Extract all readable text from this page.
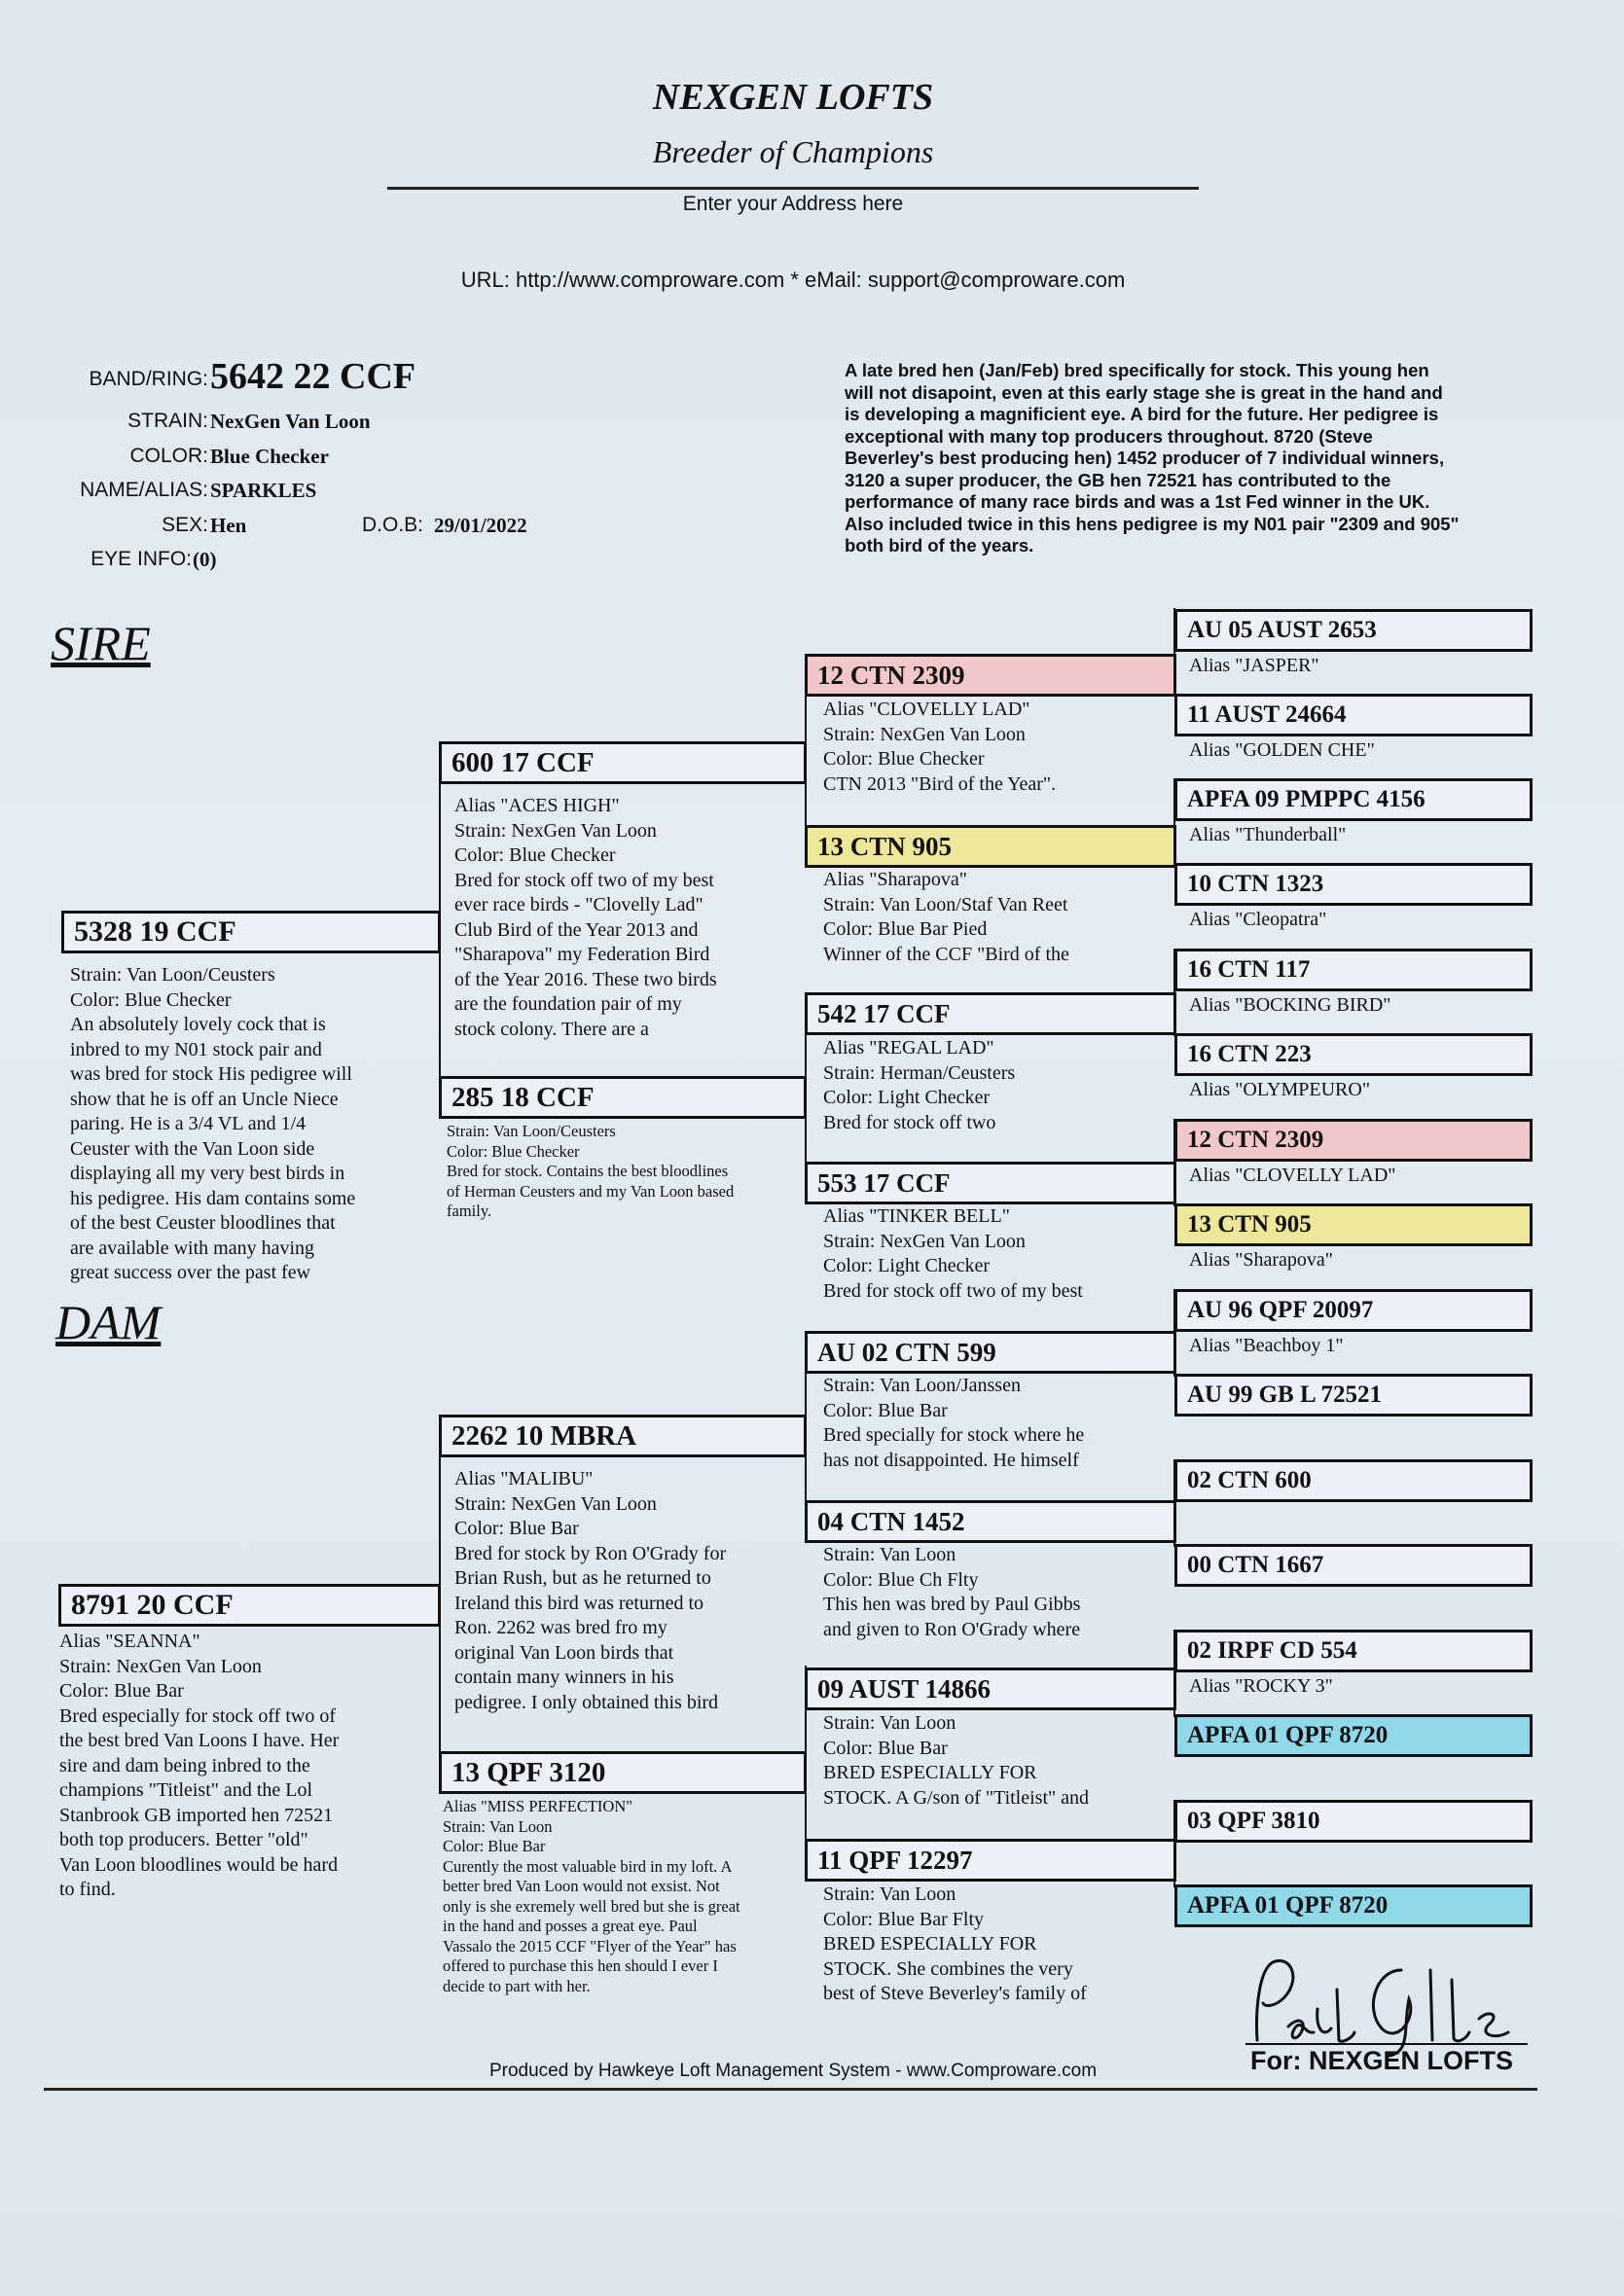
NEXGEN LOFTS
Breeder of Champions
Enter your Address here
URL: http://www.comproware.com * eMail: support@comproware.com
BAND/RING: 5642 22 CCF
STRAIN: NexGen Van Loon
COLOR: Blue Checker
NAME/ALIAS: SPARKLES
SEX: Hen	D.O.B: 29/01/2022
EYE INFO: (0)
A late bred hen (Jan/Feb) bred specifically for stock. This young hen
will not disapoint, even at this early stage she is great in the hand and
is developing a magnificient eye. A bird for the future. Her pedigree is
exceptional with many top producers throughout. 8720 (Steve
Beverley's best producing hen) 1452 producer of 7 individual winners,
3120 a super producer, the GB hen 72521 has contributed to the
performance of many race birds and was a 1st Fed winner in the UK.
Also included twice in this hens pedigree is my N01 pair "2309 and 905"
both bird of the years.
SIRE
DAM
5328 19 CCF
Strain: Van Loon/Ceusters
Color: Blue Checker
An absolutely lovely cock that is
inbred to my N01 stock pair and
was bred for stock His pedigree will
show that he is off an Uncle Niece
paring. He is a 3/4 VL and 1/4
Ceuster with the Van Loon side
displaying all my very best birds in
his pedigree. His dam contains some
of the best Ceuster bloodlines that
are available with many having
great success over the past few
8791 20 CCF
Alias "SEANNA"
Strain: NexGen Van Loon
Color: Blue Bar
Bred especially for stock off two of
the best bred Van Loons I have. Her
sire and dam being inbred to the
champions "Titleist" and the Lol
Stanbrook GB imported hen 72521
both top producers. Better "old"
Van Loon bloodlines would be hard
to find.
600 17 CCF
Alias "ACES HIGH"
Strain: NexGen Van Loon
Color: Blue Checker
Bred for stock off two of my best
ever race birds - "Clovelly Lad"
Club Bird of the Year 2013 and
"Sharapova" my Federation Bird
of the Year 2016. These two birds
are the foundation pair of my
stock colony. There are a
285 18 CCF
Strain: Van Loon/Ceusters
Color: Blue Checker
Bred for stock. Contains the best bloodlines
of Herman Ceusters and my Van Loon based
family.
2262 10 MBRA
Alias "MALIBU"
Strain: NexGen Van Loon
Color: Blue Bar
Bred for stock by Ron O'Grady for
Brian Rush, but as he returned to
Ireland this bird was returned to
Ron. 2262 was bred fro my
original Van Loon birds that
contain many winners in his
pedigree. I only obtained this bird
13 QPF 3120
Alias "MISS PERFECTION"
Strain: Van Loon
Color: Blue Bar
Curently the most valuable bird in my loft. A
better bred Van Loon would not exsist. Not
only is she exremely well bred but she is great
in the hand and posses a great eye. Paul
Vassalo the 2015 CCF "Flyer of the Year" has
offered to purchase this hen should I ever I
decide to part with her.
12 CTN 2309
Alias "CLOVELLY LAD"
Strain: NexGen Van Loon
Color: Blue Checker
CTN 2013 "Bird of the Year".
13 CTN 905
Alias "Sharapova"
Strain: Van Loon/Staf Van Reet
Color: Blue Bar Pied
Winner of the CCF "Bird of the
542 17 CCF
Alias "REGAL LAD"
Strain: Herman/Ceusters
Color: Light Checker
Bred for stock off two
553 17 CCF
Alias "TINKER BELL"
Strain: NexGen Van Loon
Color: Light Checker
Bred for stock off two of my best
AU 02 CTN 599
Strain: Van Loon/Janssen
Color: Blue Bar
Bred specially for stock where he
has not disappointed. He himself
04 CTN 1452
Strain: Van Loon
Color: Blue Ch Flty
This hen was bred by Paul Gibbs
and given to Ron O'Grady where
09 AUST 14866
Strain: Van Loon
Color: Blue Bar
BRED ESPECIALLY FOR
STOCK. A G/son of "Titleist" and
11 QPF 12297
Strain: Van Loon
Color: Blue Bar Flty
BRED ESPECIALLY FOR
STOCK. She combines the very
best of Steve Beverley's family of
AU 05 AUST 2653
Alias "JASPER"
11 AUST 24664
Alias "GOLDEN CHE"
APFA 09 PMPPC 4156
Alias "Thunderball"
10 CTN 1323
Alias "Cleopatra"
16 CTN 117
Alias "BOCKING BIRD"
16 CTN 223
Alias "OLYMPEURO"
12 CTN 2309
Alias "CLOVELLY LAD"
13 CTN 905
Alias "Sharapova"
AU 96 QPF 20097
Alias "Beachboy 1"
AU 99 GB L 72521
02 CTN 600
00 CTN 1667
02 IRPF CD 554
Alias "ROCKY 3"
APFA 01 QPF 8720
03 QPF 3810
APFA 01 QPF 8720
Produced by Hawkeye Loft Management System - www.Comproware.com	For: NEXGEN LOFTS
